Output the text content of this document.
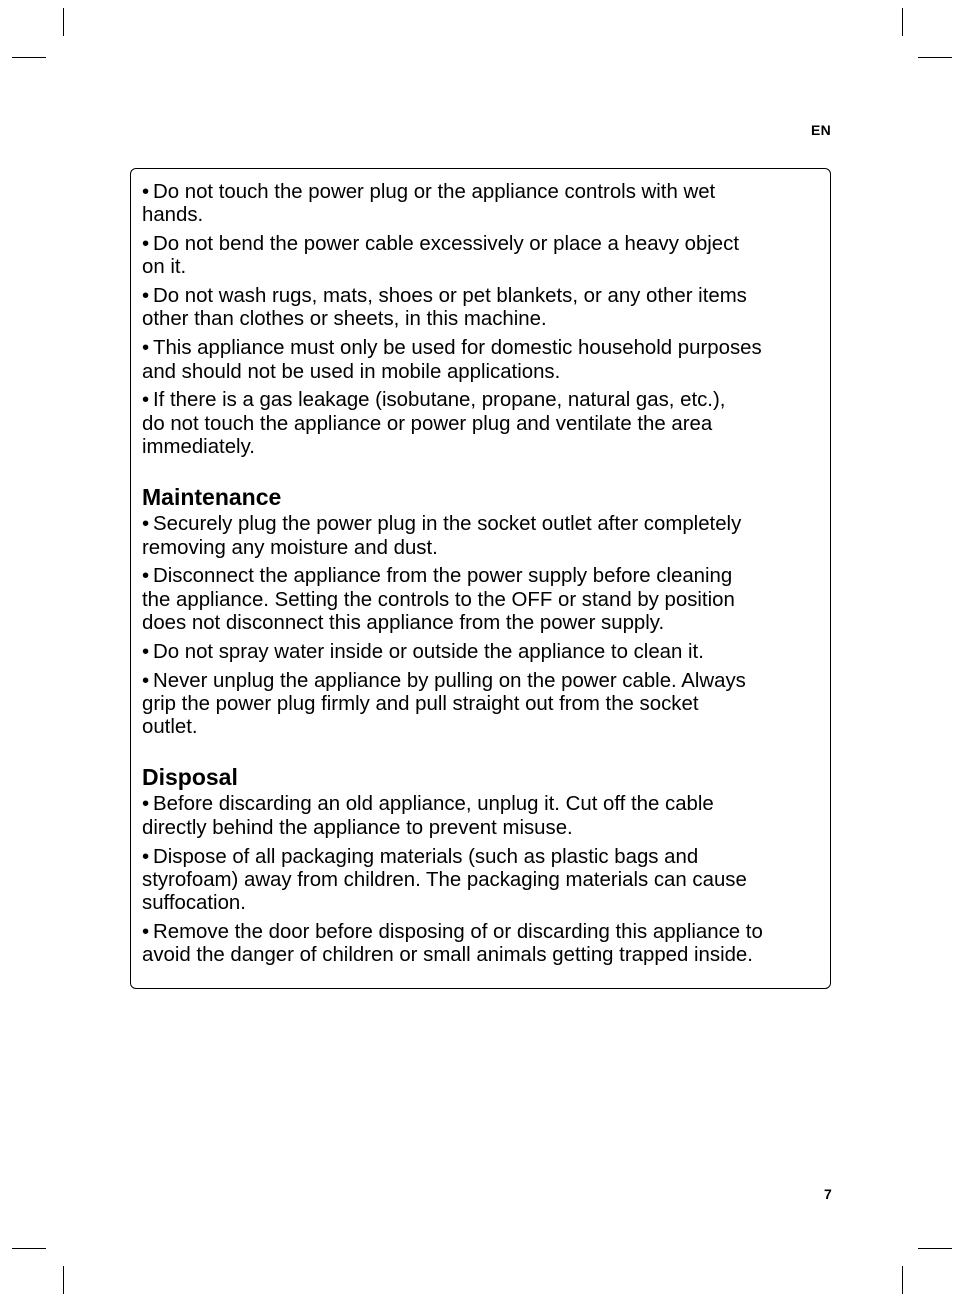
EN
• Do not touch the power plug or the appliance controls with wet
hands.
• Do not bend the power cable excessively or place a heavy object
on it.
• Do not wash rugs, mats, shoes or pet blankets, or any other items
other than clothes or sheets, in this machine.
• This appliance must only be used for domestic household purposes
and should not be used in mobile applications.
• If there is a gas leakage (isobutane, propane, natural gas, etc.),
do not touch the appliance or power plug and ventilate the area
immediately.
Maintenance
• Securely plug the power plug in the socket outlet after completely
removing any moisture and dust.
• Disconnect the appliance from the power supply before cleaning
the appliance. Setting the controls to the OFF or stand by position
does not disconnect this appliance from the power supply.
• Do not spray water inside or outside the appliance to clean it.
• Never unplug the appliance by pulling on the power cable. Always
grip the power plug firmly and pull straight out from the socket
outlet.
Disposal
• Before discarding an old appliance, unplug it. Cut off the cable
directly behind the appliance to prevent misuse.
• Dispose of all packaging materials (such as plastic bags and
styrofoam) away from children. The packaging materials can cause
suffocation.
• Remove the door before disposing of or discarding this appliance to
avoid the danger of children or small animals getting trapped inside.
7
